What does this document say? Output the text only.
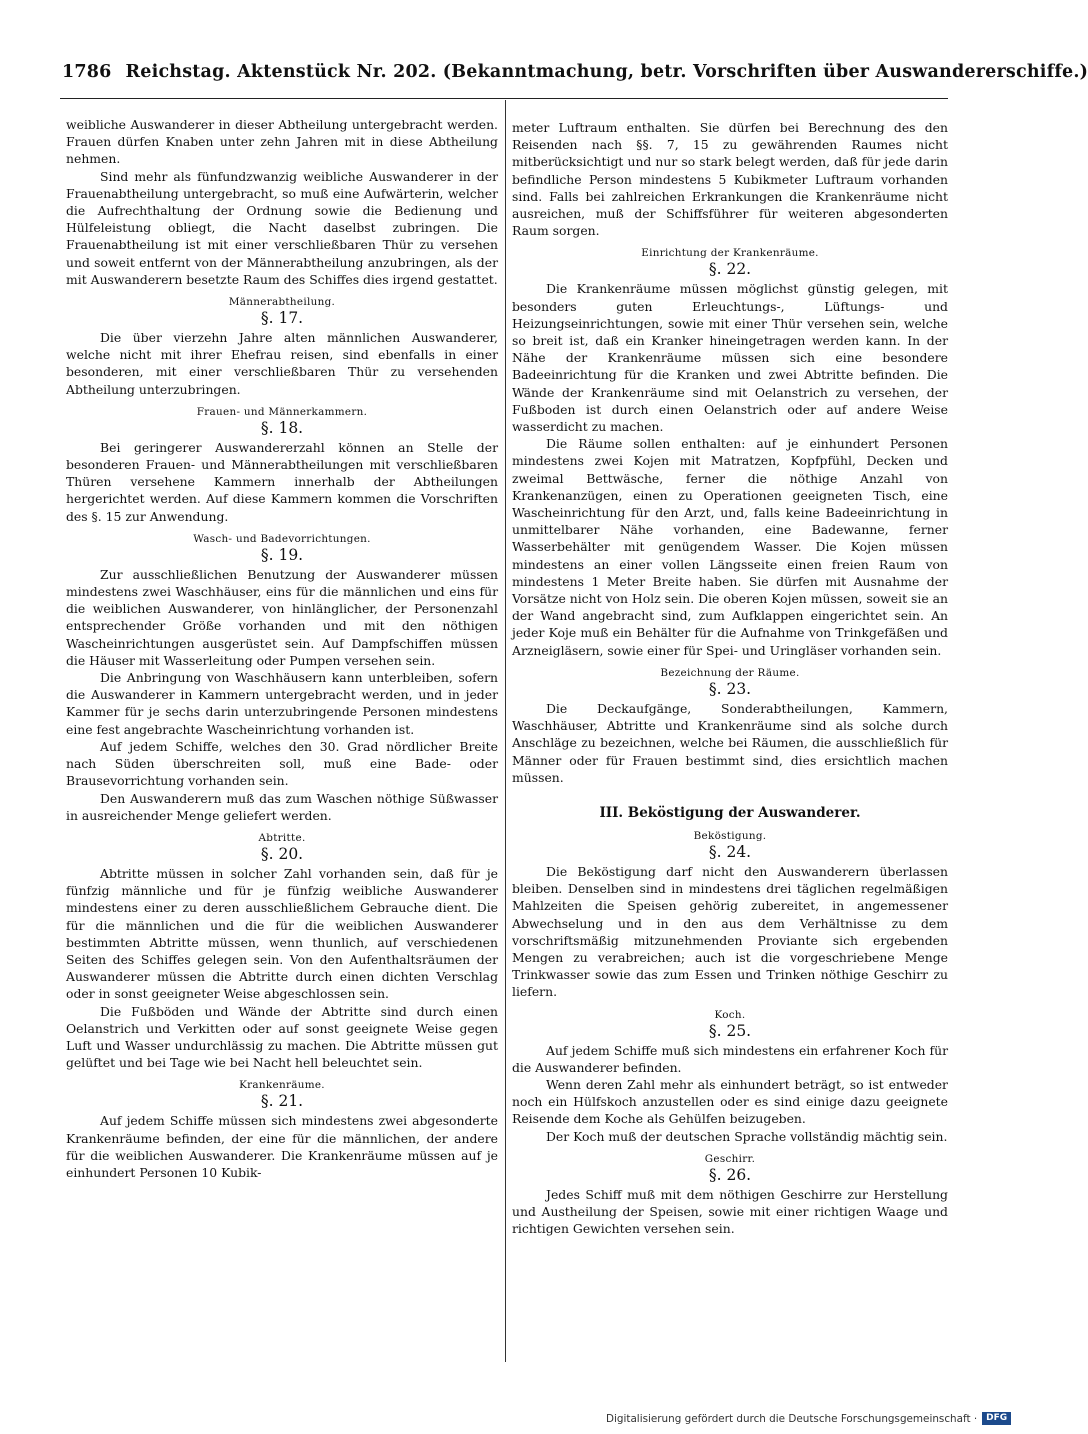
1786 Reichstag. Aktenstück Nr. 202. (Bekanntmachung, betr. Vorschriften über Auswandererschiffe.)

weibliche Auswanderer in dieser Abtheilung untergebracht werden. Frauen dürfen Knaben unter zehn Jahren mit in diese Abtheilung nehmen.

Sind mehr als fünfundzwanzig weibliche Auswanderer in der Frauenabtheilung untergebracht, so muß eine Aufwärterin, welcher die Aufrechthaltung der Ordnung sowie die Bedienung und Hülfeleistung obliegt, die Nacht daselbst zubringen. Die Frauenabtheilung ist mit einer verschließbaren Thür zu versehen und soweit entfernt von der Männerabtheilung anzubringen, als der mit Auswanderern besetzte Raum des Schiffes dies irgend gestattet.

Männerabtheilung.
§. 17.

Die über vierzehn Jahre alten männlichen Auswanderer, welche nicht mit ihrer Ehefrau reisen, sind ebenfalls in einer besonderen, mit einer verschließbaren Thür zu versehenden Abtheilung unterzubringen.

Frauen- und Männerkammern.
§. 18.

Bei geringerer Auswandererzahl können an Stelle der besonderen Frauen- und Männerabtheilungen mit verschließbaren Thüren versehene Kammern innerhalb der Abtheilungen hergerichtet werden. Auf diese Kammern kommen die Vorschriften des §. 15 zur Anwendung.

Wasch- und Badevorrichtungen.
§. 19.

Zur ausschließlichen Benutzung der Auswanderer müssen mindestens zwei Waschhäuser, eins für die männlichen und eins für die weiblichen Auswanderer, von hinlänglicher, der Personenzahl entsprechender Größe vorhanden und mit den nöthigen Wascheinrichtungen ausgerüstet sein. Auf Dampfschiffen müssen die Häuser mit Wasserleitung oder Pumpen versehen sein.

Die Anbringung von Waschhäusern kann unterbleiben, sofern die Auswanderer in Kammern untergebracht werden, und in jeder Kammer für je sechs darin unterzubringende Personen mindestens eine fest angebrachte Wascheinrichtung vorhanden ist.

Auf jedem Schiffe, welches den 30. Grad nördlicher Breite nach Süden überschreiten soll, muß eine Bade- oder Brausevorrichtung vorhanden sein.

Den Auswanderern muß das zum Waschen nöthige Süßwasser in ausreichender Menge geliefert werden.

Abtritte.
§. 20.

Abtritte müssen in solcher Zahl vorhanden sein, daß für je fünfzig männliche und für je fünfzig weibliche Auswanderer mindestens einer zu deren ausschließlichem Gebrauche dient. Die für die männlichen und die für die weiblichen Auswanderer bestimmten Abtritte müssen, wenn thunlich, auf verschiedenen Seiten des Schiffes gelegen sein. Von den Aufenthaltsräumen der Auswanderer müssen die Abtritte durch einen dichten Verschlag oder in sonst geeigneter Weise abgeschlossen sein.

Die Fußböden und Wände der Abtritte sind durch einen Oelanstrich und Verkitten oder auf sonst geeignete Weise gegen Luft und Wasser undurchlässig zu machen. Die Abtritte müssen gut gelüftet und bei Tage wie bei Nacht hell beleuchtet sein.

Krankenräume.
§. 21.

Auf jedem Schiffe müssen sich mindestens zwei abgesonderte Krankenräume befinden, der eine für die männlichen, der andere für die weiblichen Auswanderer. Die Krankenräume müssen auf je einhundert Personen 10 Kubik-

meter Luftraum enthalten. Sie dürfen bei Berechnung des den Reisenden nach §§. 7, 15 zu gewährenden Raumes nicht mitberücksichtigt und nur so stark belegt werden, daß für jede darin befindliche Person mindestens 5 Kubikmeter Luftraum vorhanden sind. Falls bei zahlreichen Erkrankungen die Krankenräume nicht ausreichen, muß der Schiffsführer für weiteren abgesonderten Raum sorgen.

Einrichtung der Krankenräume.
§. 22.

Die Krankenräume müssen möglichst günstig gelegen, mit besonders guten Erleuchtungs-, Lüftungs- und Heizungseinrichtungen, sowie mit einer Thür versehen sein, welche so breit ist, daß ein Kranker hineingetragen werden kann. In der Nähe der Krankenräume müssen sich eine besondere Badeeinrichtung für die Kranken und zwei Abtritte befinden. Die Wände der Krankenräume sind mit Oelanstrich zu versehen, der Fußboden ist durch einen Oelanstrich oder auf andere Weise wasserdicht zu machen.

Die Räume sollen enthalten: auf je einhundert Personen mindestens zwei Kojen mit Matratzen, Kopfpfühl, Decken und zweimal Bettwäsche, ferner die nöthige Anzahl von Krankenanzügen, einen zu Operationen geeigneten Tisch, eine Wascheinrichtung für den Arzt, und, falls keine Badeeinrichtung in unmittelbarer Nähe vorhanden, eine Badewanne, ferner Wasserbehälter mit genügendem Wasser. Die Kojen müssen mindestens an einer vollen Längsseite einen freien Raum von mindestens 1 Meter Breite haben. Sie dürfen mit Ausnahme der Vorsätze nicht von Holz sein. Die oberen Kojen müssen, soweit sie an der Wand angebracht sind, zum Aufklappen eingerichtet sein. An jeder Koje muß ein Behälter für die Aufnahme von Trinkgefäßen und Arzneigläsern, sowie einer für Spei- und Uringläser vorhanden sein.

Bezeichnung der Räume.
§. 23.

Die Deckaufgänge, Sonderabtheilungen, Kammern, Waschhäuser, Abtritte und Krankenräume sind als solche durch Anschläge zu bezeichnen, welche bei Räumen, die ausschließlich für Männer oder für Frauen bestimmt sind, dies ersichtlich machen müssen.

III. Beköstigung der Auswanderer.
Beköstigung.
§. 24.

Die Beköstigung darf nicht den Auswanderern überlassen bleiben. Denselben sind in mindestens drei täglichen regelmäßigen Mahlzeiten die Speisen gehörig zubereitet, in angemessener Abwechselung und in den aus dem Verhältnisse zu dem vorschriftsmäßig mitzunehmenden Proviante sich ergebenden Mengen zu verabreichen; auch ist die vorgeschriebene Menge Trinkwasser sowie das zum Essen und Trinken nöthige Geschirr zu liefern.

Koch.
§. 25.

Auf jedem Schiffe muß sich mindestens ein erfahrener Koch für die Auswanderer befinden.

Wenn deren Zahl mehr als einhundert beträgt, so ist entweder noch ein Hülfskoch anzustellen oder es sind einige dazu geeignete Reisende dem Koche als Gehülfen beizugeben.

Der Koch muß der deutschen Sprache vollständig mächtig sein.

Geschirr.
§. 26.

Jedes Schiff muß mit dem nöthigen Geschirre zur Herstellung und Austheilung der Speisen, sowie mit einer richtigen Waage und richtigen Gewichten versehen sein.

Digitalisierung gefördert durch die Deutsche Forschungsgemeinschaft ·	DFG
